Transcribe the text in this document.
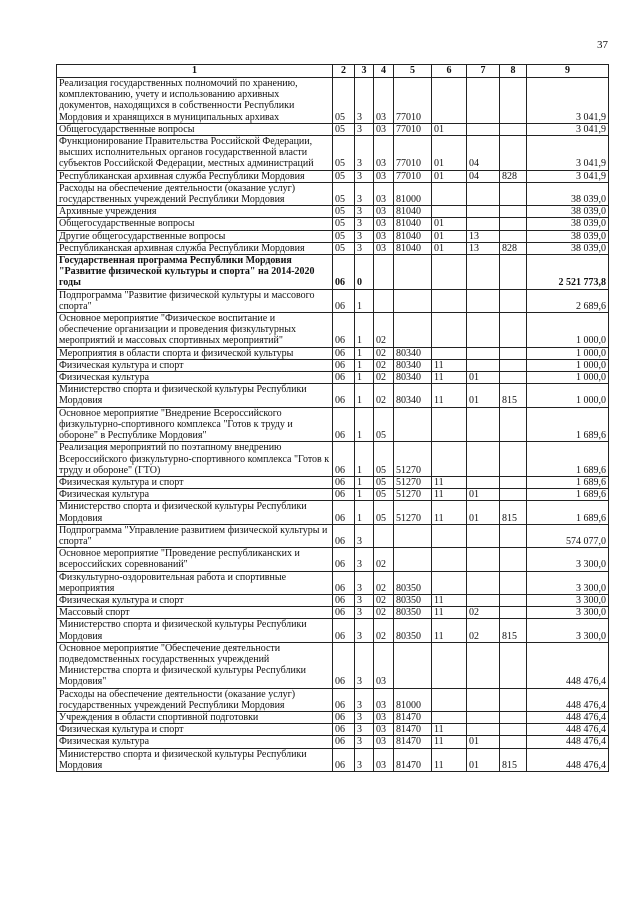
37
1	2	3	4	5	6	7	8	9
Реализация государственных полномочий по хранению, комплектованию, учету и использованию архивных документов, находящихся в собственности Республики Мордовия и хранящихся в муниципальных архивах	05	3	03	77010				3 041,9
Общегосударственные вопросы	05	3	03	77010	01			3 041,9
Функционирование Правительства Российской Федерации, высших исполнительных органов государственной власти субъектов Российской Федерации, местных администраций	05	3	03	77010	01	04		3 041,9
Республиканская архивная служба Республики Мордовия	05	3	03	77010	01	04	828	3 041,9
Расходы на обеспечение деятельности (оказание услуг) государственных учреждений Республики Мордовия	05	3	03	81000				38 039,0
Архивные учреждения	05	3	03	81040				38 039,0
Общегосударственные вопросы	05	3	03	81040	01			38 039,0
Другие общегосударственные вопросы	05	3	03	81040	01	13		38 039,0
Республиканская архивная служба Республики Мордовия	05	3	03	81040	01	13	828	38 039,0
Государственная программа Республики Мордовия "Развитие физической культуры и спорта" на 2014-2020 годы	06	0						2 521 773,8
Подпрограмма "Развитие физической культуры и массового спорта"	06	1						2 689,6
Основное мероприятие "Физическое воспитание и обеспечение организации и проведения физкультурных мероприятий и массовых спортивных мероприятий"	06	1	02					1 000,0
Мероприятия в области спорта и физической культуры	06	1	02	80340				1 000,0
Физическая культура и спорт	06	1	02	80340	11			1 000,0
Физическая культура	06	1	02	80340	11	01		1 000,0
Министерство спорта и физической культуры Республики Мордовия	06	1	02	80340	11	01	815	1 000,0
Основное мероприятие "Внедрение Всероссийского физкультурно-спортивного комплекса "Готов к труду и обороне" в Республике Мордовия"	06	1	05					1 689,6
Реализация мероприятий по поэтапному внедрению Всероссийского физкультурно-спортивного комплекса "Готов к труду и обороне" (ГТО)	06	1	05	51270				1 689,6
Физическая культура и спорт	06	1	05	51270	11			1 689,6
Физическая культура	06	1	05	51270	11	01		1 689,6
Министерство спорта и физической культуры Республики Мордовия	06	1	05	51270	11	01	815	1 689,6
Подпрограмма "Управление развитием физической культуры и спорта"	06	3						574 077,0
Основное мероприятие "Проведение республиканских и всероссийских соревнований"	06	3	02					3 300,0
Физкультурно-оздоровительная работа и спортивные мероприятия	06	3	02	80350				3 300,0
Физическая культура и спорт	06	3	02	80350	11			3 300,0
Массовый спорт	06	3	02	80350	11	02		3 300,0
Министерство спорта и физической культуры Республики Мордовия	06	3	02	80350	11	02	815	3 300,0
Основное мероприятие "Обеспечение деятельности подведомственных государственных учреждений Министерства спорта и физической культуры Республики Мордовия"	06	3	03					448 476,4
Расходы на обеспечение деятельности (оказание услуг) государственных учреждений Республики Мордовия	06	3	03	81000				448 476,4
Учреждения в области спортивной подготовки	06	3	03	81470				448 476,4
Физическая культура и спорт	06	3	03	81470	11			448 476,4
Физическая культура	06	3	03	81470	11	01		448 476,4
Министерство спорта и физической культуры Республики Мордовия	06	3	03	81470	11	01	815	448 476,4
